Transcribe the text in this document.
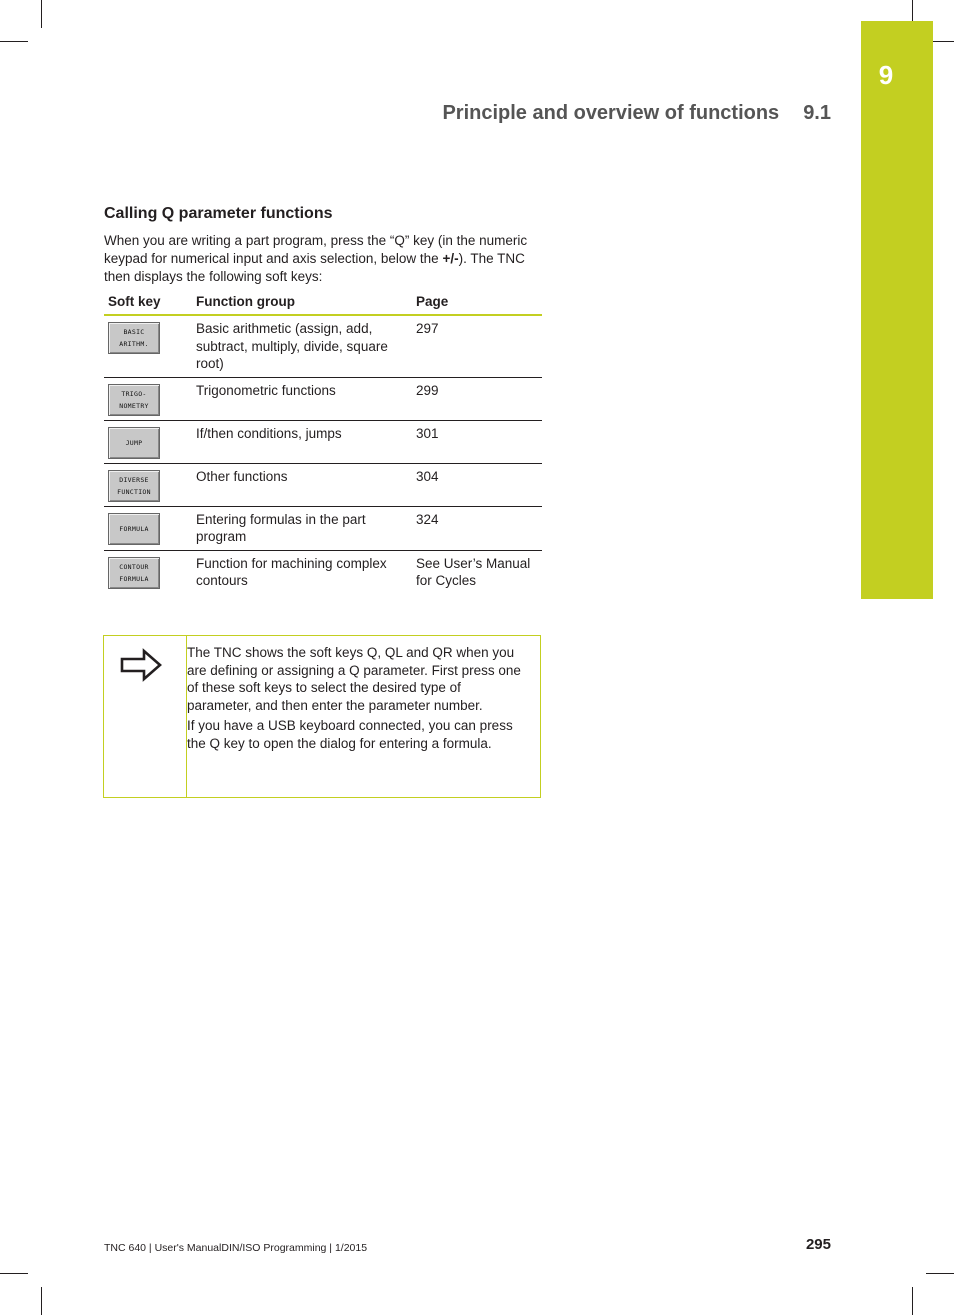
9
Principle and overview of functions 9.1
Calling Q parameter functions
When you are writing a part program, press the “Q” key (in the numeric keypad for numerical input and axis selection, below the +/-). The TNC then displays the following soft keys:
Soft key	Function group	Page

BASIC
ARITHM.	Basic arithmetic (assign, add, subtract, multiply, divide, square root)	297

TRIGO-
NOMETRY	Trigonometric functions	299

JUMP	If/then conditions, jumps	301

DIVERSE
FUNCTION	Other functions	304

FORMULA	Entering formulas in the part program	324

CONTOUR
FORMULA	Function for machining complex contours	See User’s Manual for Cycles

The TNC shows the soft keys Q, QL and QR when you are defining or assigning a Q parameter. First press one of these soft keys to select the desired type of parameter, and then enter the parameter number.

If you have a USB keyboard connected, you can press the Q key to open the dialog for entering a formula.

TNC 640 | User's ManualDIN/ISO Programming | 1/2015	295
